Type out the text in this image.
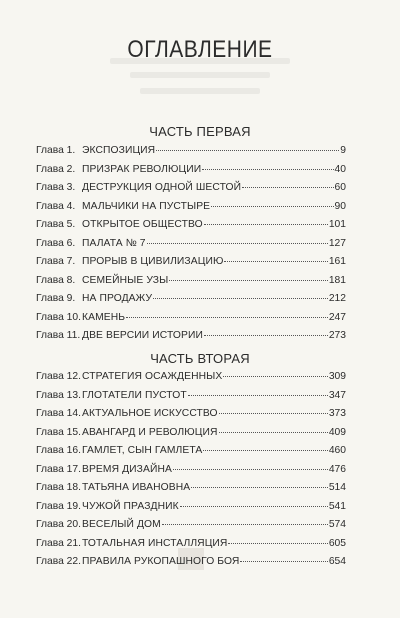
ОГЛАВЛЕНИЕ
ЧАСТЬ ПЕРВАЯ
Глава 1. ЭКСПОЗИЦИЯ	9
Глава 2. ПРИЗРАК РЕВОЛЮЦИИ	40
Глава 3. ДЕСТРУКЦИЯ ОДНОЙ ШЕСТОЙ	60
Глава 4. МАЛЬЧИКИ НА ПУСТЫРЕ	90
Глава 5. ОТКРЫТОЕ ОБЩЕСТВО	101
Глава 6. ПАЛАТА № 7	127
Глава 7. ПРОРЫВ В ЦИВИЛИЗАЦИЮ	161
Глава 8. СЕМЕЙНЫЕ УЗЫ	181
Глава 9. НА ПРОДАЖУ	212
Глава 10. КАМЕНЬ	247
Глава 11. ДВЕ ВЕРСИИ ИСТОРИИ	273
ЧАСТЬ ВТОРАЯ
Глава 12. СТРАТЕГИЯ ОСАЖДЕННЫХ	309
Глава 13. ГЛОТАТЕЛИ ПУСТОТ	347
Глава 14. АКТУАЛЬНОЕ ИСКУССТВО	373
Глава 15. АВАНГАРД И РЕВОЛЮЦИЯ	409
Глава 16. ГАМЛЕТ, СЫН ГАМЛЕТА	460
Глава 17. ВРЕМЯ ДИЗАЙНА	476
Глава 18. ТАТЬЯНА ИВАНОВНА	514
Глава 19. ЧУЖОЙ ПРАЗДНИК	541
Глава 20. ВЕСЕЛЫЙ ДОМ	574
Глава 21. ТОТАЛЬНАЯ ИНСТАЛЛЯЦИЯ	605
Глава 22. ПРАВИЛА РУКОПАШНОГО БОЯ	654
